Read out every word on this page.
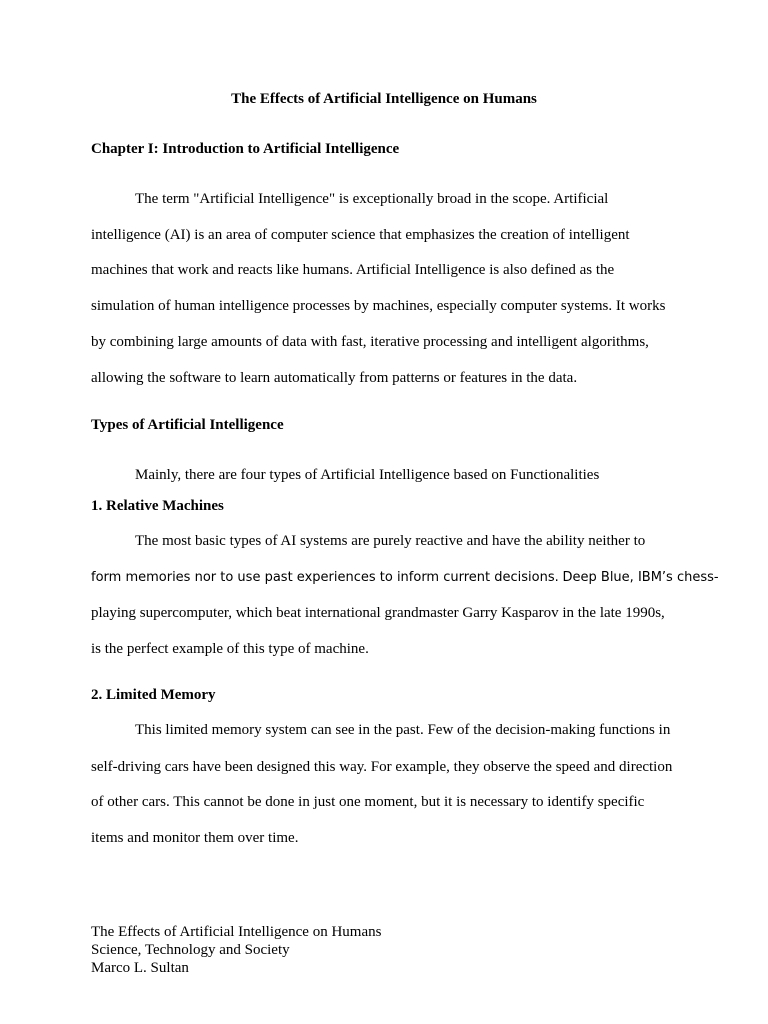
The Effects of Artificial Intelligence on Humans
Chapter I: Introduction to Artificial Intelligence
The term "Artificial Intelligence" is exceptionally broad in the scope. Artificial
intelligence (AI) is an area of computer science that emphasizes the creation of intelligent
machines that work and reacts like humans. Artificial Intelligence is also defined as the
simulation of human intelligence processes by machines, especially computer systems. It works
by combining large amounts of data with fast, iterative processing and intelligent algorithms,
allowing the software to learn automatically from patterns or features in the data.
Types of Artificial Intelligence
Mainly, there are four types of Artificial Intelligence based on Functionalities
1. Relative Machines
The most basic types of AI systems are purely reactive and have the ability neither to
form memories nor to use past experiences to inform current decisions. Deep Blue, IBM’s chess-
playing supercomputer, which beat international grandmaster Garry Kasparov in the late 1990s,
is the perfect example of this type of machine.
2. Limited Memory
This limited memory system can see in the past. Few of the decision-making functions in
self-driving cars have been designed this way. For example, they observe the speed and direction
of other cars. This cannot be done in just one moment, but it is necessary to identify specific
items and monitor them over time.
The Effects of Artificial Intelligence on Humans
Science, Technology and Society
Marco L. Sultan
